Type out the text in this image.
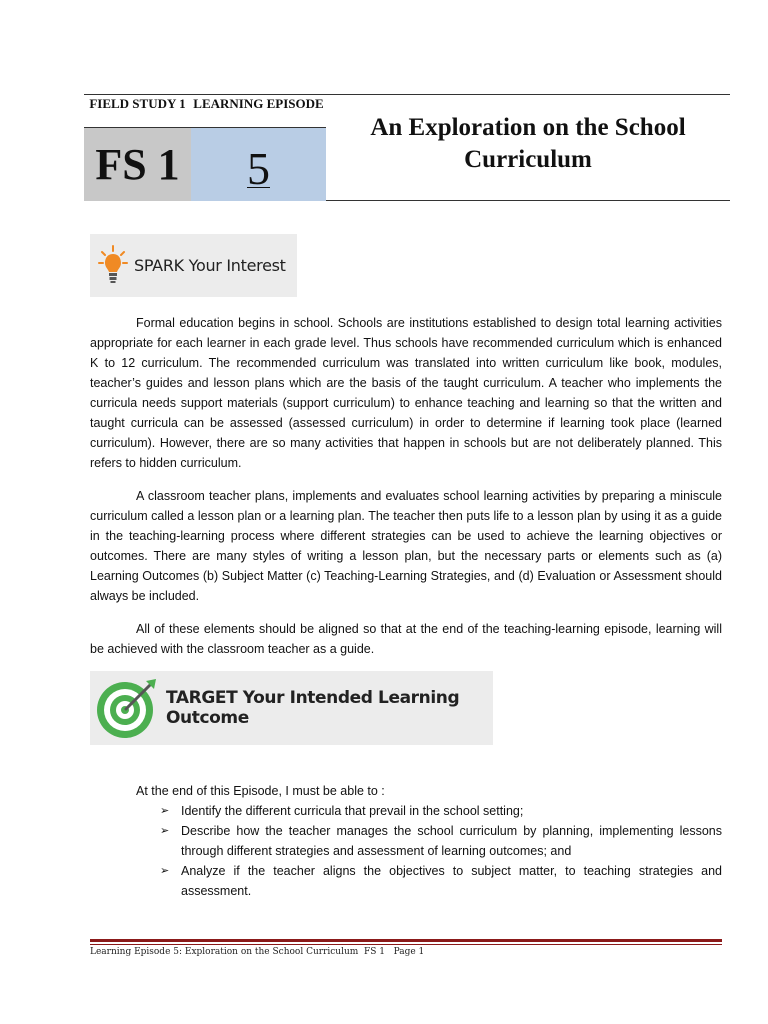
FIELD STUDY 1 LEARNING EPISODE
FS 1 5
An Exploration on the School Curriculum
SPARK Your Interest

Formal education begins in school. Schools are institutions established to design total learning activities appropriate for each learner in each grade level. Thus schools have recommended curriculum which is enhanced K to 12 curriculum. The recommended curriculum was translated into written curriculum like book, modules, teacher’s guides and lesson plans which are the basis of the taught curriculum. A teacher who implements the curricula needs support materials (support curriculum) to enhance teaching and learning so that the written and taught curricula can be assessed (assessed curriculum) in order to determine if learning took place (learned curriculum). However, there are so many activities that happen in schools but are not deliberately planned. This refers to hidden curriculum.

A classroom teacher plans, implements and evaluates school learning activities by preparing a miniscule curriculum called a lesson plan or a learning plan. The teacher then puts life to a lesson plan by using it as a guide in the teaching-learning process where different strategies can be used to achieve the learning objectives or outcomes. There are many styles of writing a lesson plan, but the necessary parts or elements such as (a) Learning Outcomes (b) Subject Matter (c) Teaching-Learning Strategies, and (d) Evaluation or Assessment should always be included.

All of these elements should be aligned so that at the end of the teaching-learning episode, learning will be achieved with the classroom teacher as a guide.

TARGET Your Intended Learning Outcome
At the end of this Episode, I must be able to :
➢ Identify the different curricula that prevail in the school setting;
➢ Describe how the teacher manages the school curriculum by planning, implementing lessons through different strategies and assessment of learning outcomes; and
➢ Analyze if the teacher aligns the objectives to subject matter, to teaching strategies and assessment.
Learning Episode 5: Exploration on the School Curriculum  FS 1   Page 1
